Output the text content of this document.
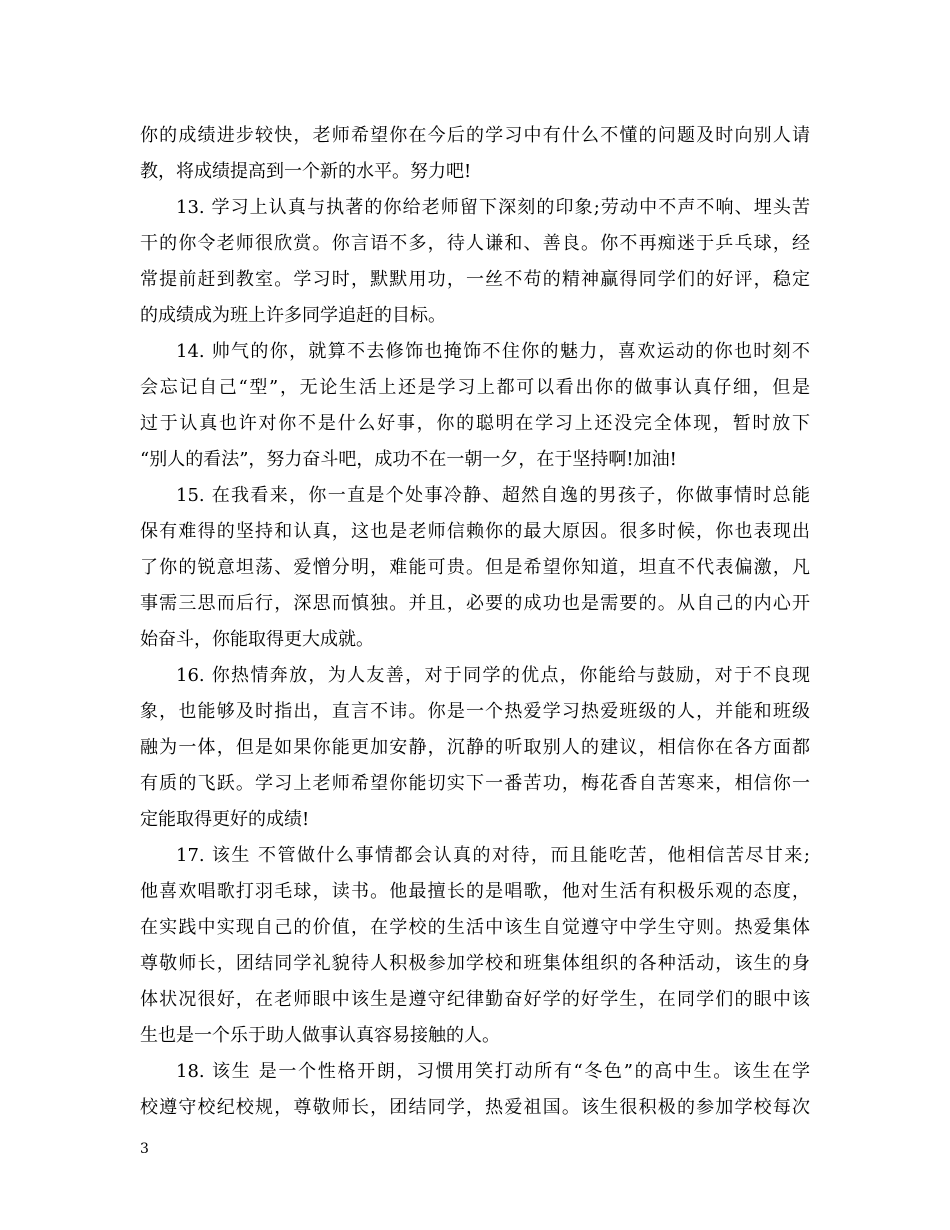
你的成绩进步较快，老师希望你在今后的学习中有什么不懂的问题及时向别人请
教，将成绩提高到一个新的水平。努力吧!
13. 学习上认真与执著的你给老师留下深刻的印象;劳动中不声不响、埋头苦
干的你令老师很欣赏。你言语不多，待人谦和、善良。你不再痴迷于乒乓球，经
常提前赶到教室。学习时，默默用功，一丝不苟的精神赢得同学们的好评，稳定
的成绩成为班上许多同学追赶的目标。
14. 帅气的你，就算不去修饰也掩饰不住你的魅力，喜欢运动的你也时刻不
会忘记自己“型”，无论生活上还是学习上都可以看出你的做事认真仔细，但是
过于认真也许对你不是什么好事，你的聪明在学习上还没完全体现，暂时放下
“别人的看法”，努力奋斗吧，成功不在一朝一夕，在于坚持啊!加油!
15. 在我看来，你一直是个处事冷静、超然自逸的男孩子，你做事情时总能
保有难得的坚持和认真，这也是老师信赖你的最大原因。很多时候，你也表现出
了你的锐意坦荡、爱憎分明，难能可贵。但是希望你知道，坦直不代表偏激，凡
事需三思而后行，深思而慎独。并且，必要的成功也是需要的。从自己的内心开
始奋斗，你能取得更大成就。
16. 你热情奔放，为人友善，对于同学的优点，你能给与鼓励，对于不良现
象，也能够及时指出，直言不讳。你是一个热爱学习热爱班级的人，并能和班级
融为一体，但是如果你能更加安静，沉静的听取别人的建议，相信你在各方面都
有质的飞跃。学习上老师希望你能切实下一番苦功，梅花香自苦寒来，相信你一
定能取得更好的成绩!
17. 该生 不管做什么事情都会认真的对待，而且能吃苦，他相信苦尽甘来;
他喜欢唱歌打羽毛球，读书。他最擅长的是唱歌，他对生活有积极乐观的态度，
在实践中实现自己的价值，在学校的生活中该生自觉遵守中学生守则。热爱集体
尊敬师长，团结同学礼貌待人积极参加学校和班集体组织的各种活动，该生的身
体状况很好，在老师眼中该生是遵守纪律勤奋好学的好学生，在同学们的眼中该
生也是一个乐于助人做事认真容易接触的人。
18. 该生 是一个性格开朗，习惯用笑打动所有“冬色”的高中生。该生在学
校遵守校纪校规，尊敬师长，团结同学，热爱祖国。该生很积极的参加学校每次
3
